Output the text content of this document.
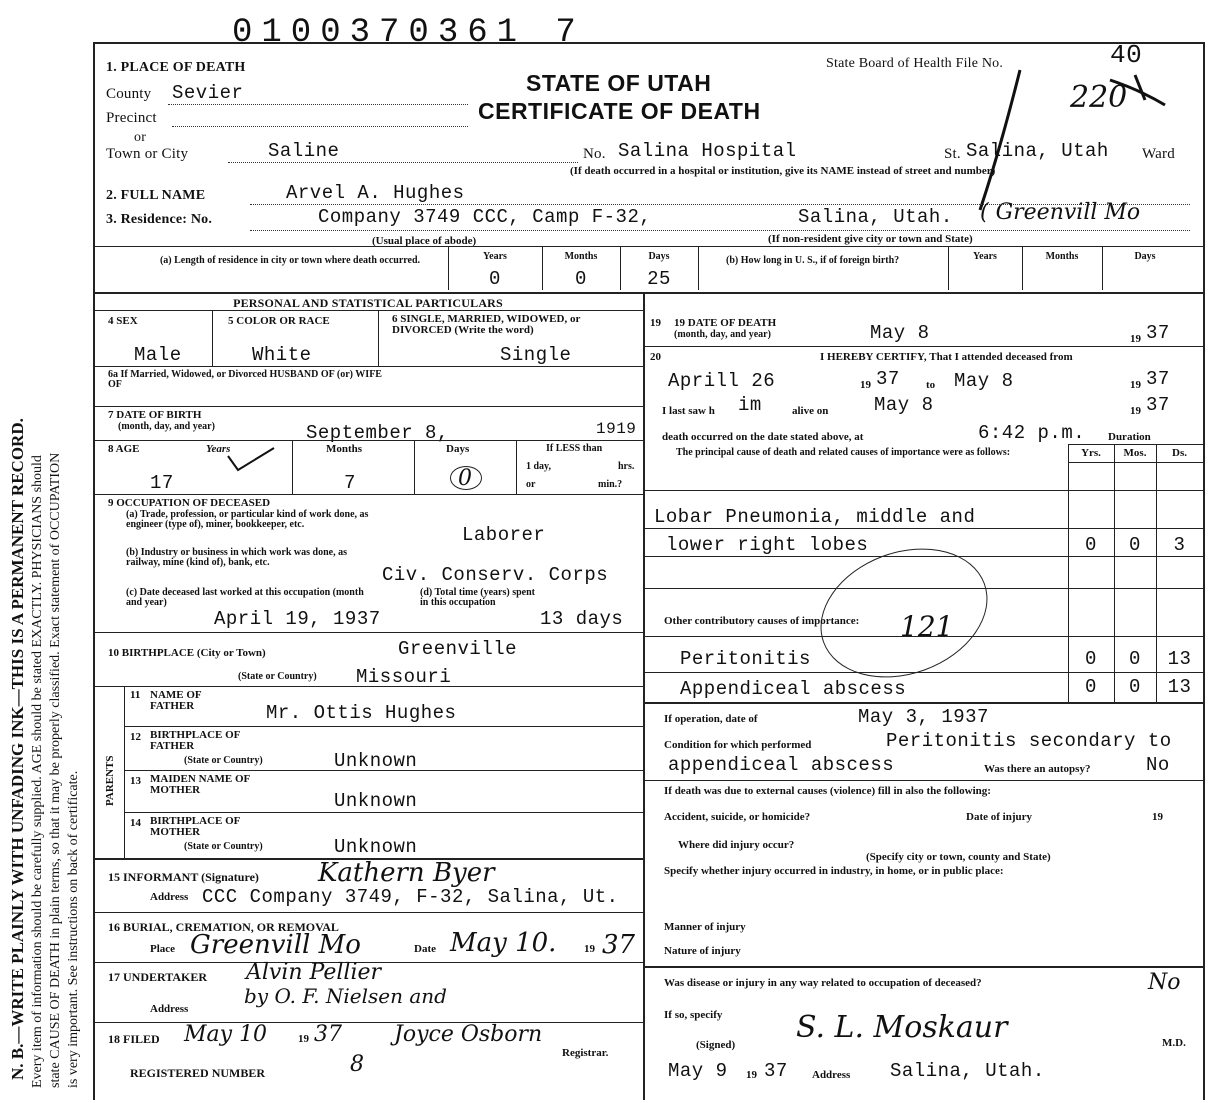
0100370361 7
N. B.—WRITE PLAINLY WITH UNFADING INK—THIS IS A PERMANENT RECORD. Every item of information should be carefully supplied. AGE should be stated EXACTLY. PHYSICIANS should state CAUSE OF DEATH in plain terms, so that it may be properly classified. Exact statement of OCCUPATION is very important. See instructions on back of certificate.
1. PLACE OF DEATH
STATE OF UTAH
CERTIFICATE OF DEATH
State Board of Health File No.	40
220
County Sevier
Precinct
or
Town or City	Saline	No. Salina Hospital	St. Salina, Utah Ward
(If death occurred in a hospital or institution, give its NAME instead of street and number)
2. FULL NAME	Arvel A. Hughes
3. Residence: No.	Company 3749 CCC, Camp F-32,	Salina, Utah. ( Greenvill Mo
(Usual place of abode)	(If non-resident give city or town and State)
(a) Length of residence in city or town where death occurred.	Years	Months	Days
0	0	25
(b) How long in U. S., if of foreign birth?	Years	Months	Days
PERSONAL AND STATISTICAL PARTICULARS
4 SEX	5 COLOR OR RACE	6 SINGLE, MARRIED, WIDOWED, or DIVORCED (Write the word)
Male	White	Single
6a If Married, Widowed, or Divorced HUSBAND OF (or) WIFE OF
7 DATE OF BIRTH
(month, day, and year)	September 8,	1919
8 AGE	Years	Months	Days	If LESS than
1 day,	hrs.
or	min.?
17	7	0
9 OCCUPATION OF DECEASED
(a) Trade, profession, or particular kind of work done, as engineer (type of), miner, bookkeeper, etc.	Laborer
(b) Industry or business in which work was done, as railway, mine (kind of), bank, etc.
Civ. Conserv. Corps
(c) Date deceased last worked at this occupation (month and year)
April 19, 1937
(d) Total time (years) spent in this occupation
13 days
10 BIRTHPLACE (City or Town)	Greenville
(State or Country) Missouri
PARENTS
11 NAME OF FATHER	Mr. Ottis Hughes
12 BIRTHPLACE OF FATHER
(State or Country)	Unknown
13 MAIDEN NAME OF MOTHER	Unknown
14 BIRTHPLACE OF MOTHER
(State or Country)	Unknown
15 INFORMANT (Signature) Kathern Byer
Address CCC Company 3749, F-32, Salina, Ut.
16 BURIAL, CREMATION, OR REMOVAL
Place Greenvill Mo	Date May 10.	19 37
17 UNDERTAKER Alvin Pellier
Address
by O. F. Nielsen and
18 FILED May 10	19 37 Joyce Osborn
Registrar.
REGISTERED NUMBER	8
19 19 DATE OF DEATH
(month, day, and year)	May 8	19 37
20	I HEREBY CERTIFY, That I attended deceased from
Aprill 26	19 37 to May 8	19 37
I last saw h im	alive on May 8	19 37
death occurred on the date stated above, at	6:42 p.m. Duration
The principal cause of death and related causes of importance were as follows:	Yrs.	Mos.	Ds.
Lobar Pneumonia, middle and
lower right lobes	0	0	3
121
Other contributory causes of importance:
Peritonitis	0	0	13
Appendiceal abscess	0	0	13
If operation, date of	May 3, 1937
Condition for which performed	Peritonitis secondary to
appendiceal abscess	Was there an autopsy?	No
If death was due to external causes (violence) fill in also the following:
Accident, suicide, or homicide?	Date of injury	19
Where did injury occur?
(Specify city or town, county and State)
Specify whether injury occurred in industry, in home, or in public place:
Manner of injury
Nature of injury
Was disease or injury in any way related to occupation of deceased?	No
If so, specify
(Signed) S. L. Moskaur	M.D.
May 9 19 37 Address Salina, Utah.
